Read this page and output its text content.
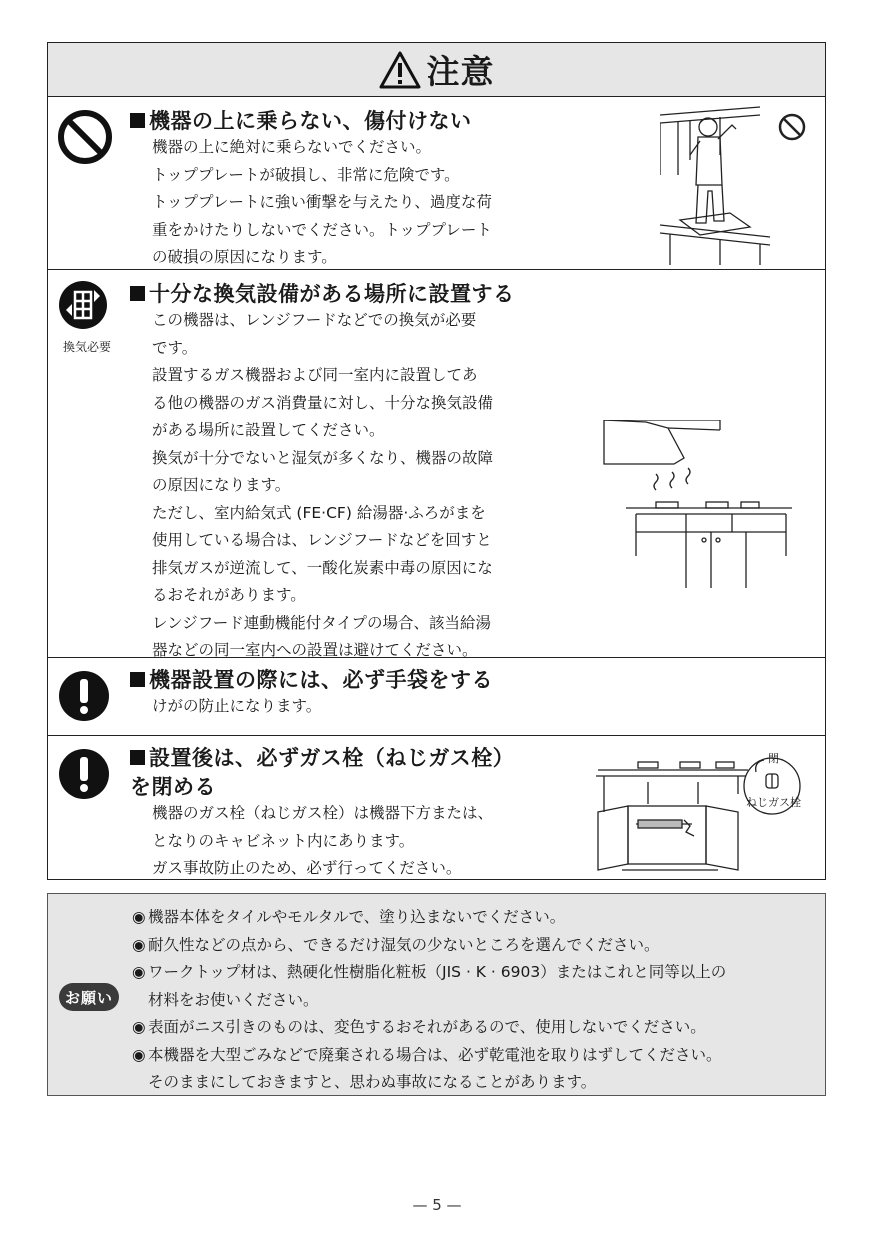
注意
機器の上に乗らない、傷付けない
機器の上に絶対に乗らないでください。
トッププレートが破損し、非常に危険です。
トッププレートに強い衝撃を与えたり、過度な荷
重をかけたりしないでください。トッププレート
の破損の原因になります。
換気必要
十分な換気設備がある場所に設置する
この機器は、レンジフードなどでの換気が必要
です。
設置するガス機器および同一室内に設置してあ
る他の機器のガス消費量に対し、十分な換気設備
がある場所に設置してください。
換気が十分でないと湿気が多くなり、機器の故障
の原因になります。
ただし、室内給気式 (FE·CF) 給湯器·ふろがまを
使用している場合は、レンジフードなどを回すと
排気ガスが逆流して、一酸化炭素中毒の原因にな
るおそれがあります。
レンジフード連動機能付タイプの場合、該当給湯
器などの同一室内への設置は避けてください。
機器設置の際には、必ず手袋をする
けがの防止になります。
設置後は、必ずガス栓（ねじガス栓）
を閉める
機器のガス栓（ねじガス栓）は機器下方または、
となりのキャビネット内にあります。
ガス事故防止のため、必ず行ってください。
閉
ねじガス栓
お願い
◉ 機器本体をタイルやモルタルで、塗り込まないでください。
◉ 耐久性などの点から、できるだけ湿気の少ないところを選んでください。
◉ ワークトップ材は、熱硬化性樹脂化粧板（JIS · K · 6903）またはこれと同等以上の
材料をお使いください。
◉ 表面がニス引きのものは、変色するおそれがあるので、使用しないでください。
◉ 本機器を大型ごみなどで廃棄される場合は、必ず乾電池を取りはずしてください。
そのままにしておきますと、思わぬ事故になることがあります。
— 5 —
